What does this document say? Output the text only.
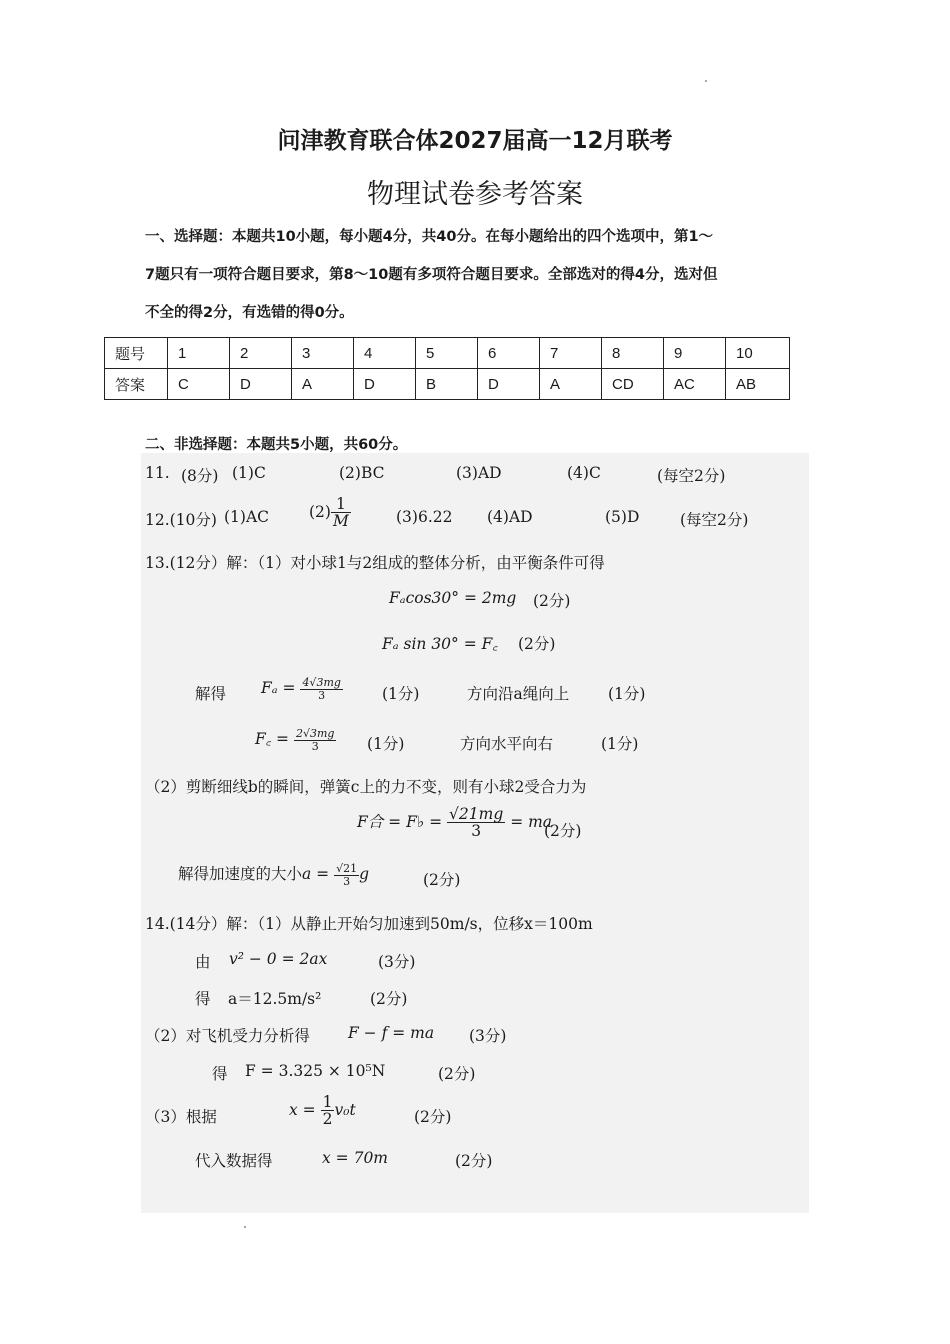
问津教育联合体2027届高一12月联考
物理试卷参考答案
一、选择题：本题共10小题，每小题4分，共40分。在每小题给出的四个选项中，第1～
7题只有一项符合题目要求，第8～10题有多项符合题目要求。全部选对的得4分，选对但
不全的得2分，有选错的得0分。
题号	1	2	3	4	5	6	7	8	9	10
答案	C	D	A	D	B	D	A	CD	AC	AB
二、非选择题：本题共5小题，共60分。
11. (8分) (1)C	(2)BC	(3)AD	(4)C	(每空2分)
12.(10分) (1)AC	$(2) \frac{1}{M}$	(3)6.22 (4)AD	(5)D	(每空2分)
13.(12分）解：（1）对小球1与2组成的整体分析，由平衡条件可得
Fₐcos30° = 2mg (2分)
Fₐ sin 30° = F꜀ (2分)
解得 $F_a = \frac{4√3mg}{3}$	(1分)	方向沿a绳向上	(1分)
F꜀ = $\frac{2√3mg}{3} (1$分)	方向水平向右	(1分)
（2）剪断细线b的瞬间，弹簧c上的力不变，则有小球2受合力为
F合 = F♭ = $\frac{√21mg}{3}$ = ma
(2分)
解得加速度的大小$a = \frac{√21}{3}$ g	(2分)
14.(14分）解：（1）从静止开始匀加速到50m/s，位移x＝100m
由 v² − 0 = 2ax	(3分)
得 a＝12.5m/s²	(2分)
（2）对飞机受力分析得 F − f = ma (3分)
得 F = 3.325 × 10⁵N	(2分)
（3）根据	$x = \frac{1}{2} v_0t$	(2分)
代入数据得	x = 70m	(2分)
